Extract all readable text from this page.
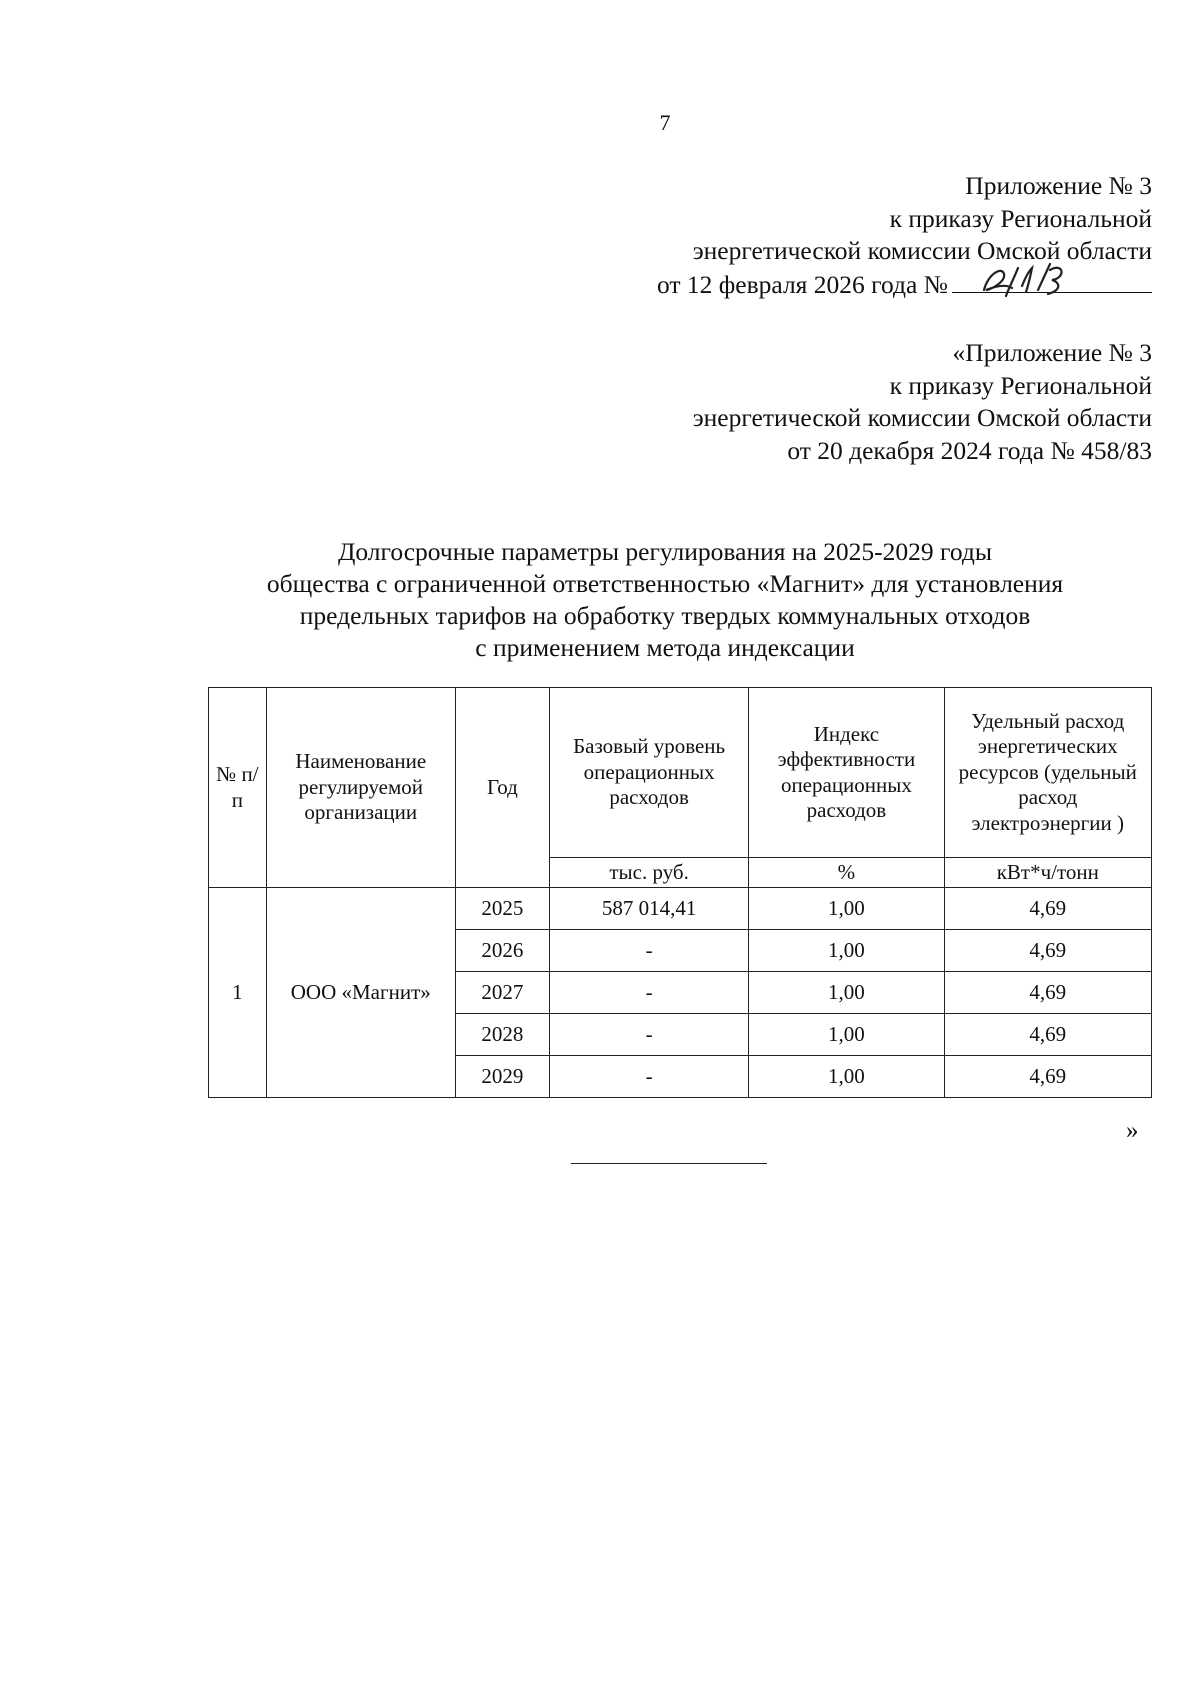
7
Приложение № 3
к приказу Региональной
энергетической комиссии Омской области
от 12 февраля 2026 года №
«Приложение № 3
к приказу Региональной
энергетической комиссии Омской области
от 20 декабря 2024 года № 458/83
Долгосрочные параметры регулирования на 2025-2029 годы
общества с ограниченной ответственностью «Магнит» для установления
предельных тарифов на обработку твердых коммунальных отходов
с применением метода индексации
№ п/п	Наименование регулируемой организации	Год	Базовый уровень операционных расходов	Индекс эффективности операционных расходов	Удельный расход энергетических ресурсов (удельный расход электроэнергии )
			тыс. руб.	%	кВт*ч/тонн
1	ООО «Магнит»	2025	587 014,41	1,00	4,69
		2026	-	1,00	4,69
		2027	-	1,00	4,69
		2028	-	1,00	4,69
		2029	-	1,00	4,69
»
